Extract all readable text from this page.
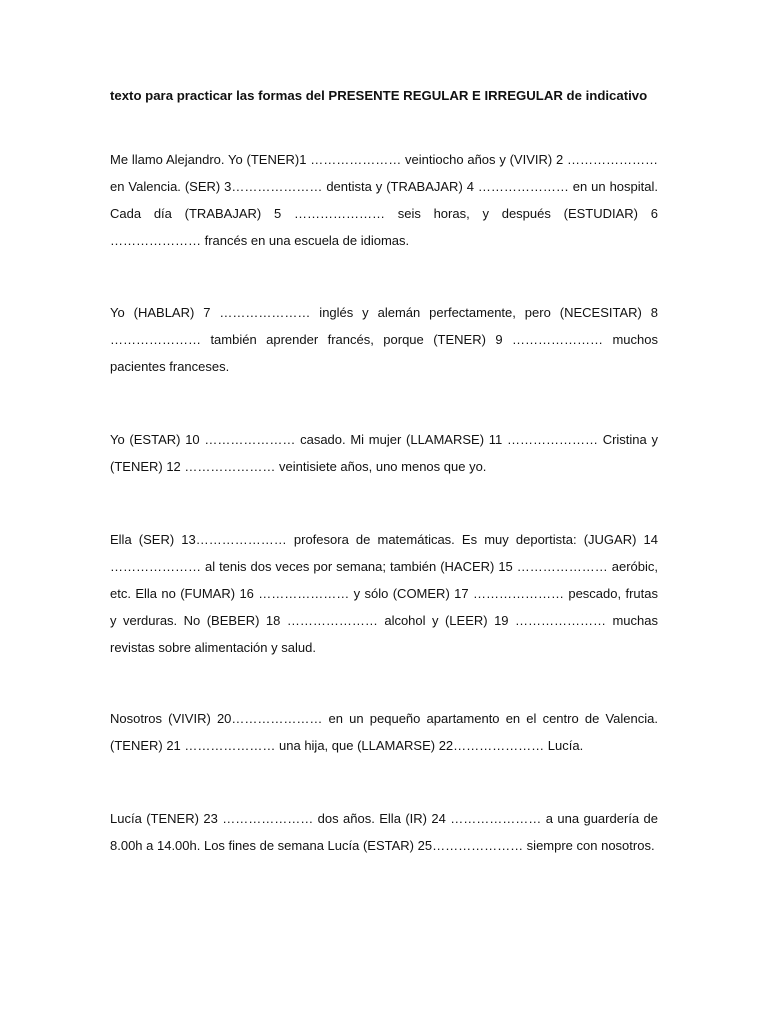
texto para practicar las formas del PRESENTE REGULAR E IRREGULAR de indicativo

Me llamo Alejandro. Yo (TENER)1 ………………… veintiocho años y (VIVIR) 2 ………………… en Valencia. (SER) 3………………… dentista y (TRABAJAR) 4 ………………… en un hospital. Cada día (TRABAJAR) 5 ………………… seis horas, y después (ESTUDIAR) 6 ………………… francés en una escuela de idiomas.

Yo (HABLAR) 7 ………………… inglés y alemán perfectamente, pero (NECESITAR) 8 ………………… también aprender francés, porque (TENER) 9 ………………… muchos pacientes franceses.

Yo (ESTAR) 10 ………………… casado. Mi mujer (LLAMARSE) 11 ………………… Cristina y (TENER) 12 ………………… veintisiete años, uno menos que yo.

Ella (SER) 13………………… profesora de matemáticas. Es muy deportista: (JUGAR) 14 ………………… al tenis dos veces por semana; también (HACER) 15 ………………… aeróbic, etc. Ella no (FUMAR) 16 ………………… y sólo (COMER) 17 ………………… pescado, frutas y verduras. No (BEBER) 18 ………………… alcohol y (LEER) 19 ………………… muchas revistas sobre alimentación y salud.

Nosotros (VIVIR) 20………………… en un pequeño apartamento en el centro de Valencia. (TENER) 21 ………………… una hija, que (LLAMARSE) 22………………… Lucía.

Lucía (TENER) 23 ………………… dos años. Ella (IR) 24 ………………… a una guardería de 8.00h a 14.00h. Los fines de semana Lucía (ESTAR) 25………………… siempre con nosotros.
